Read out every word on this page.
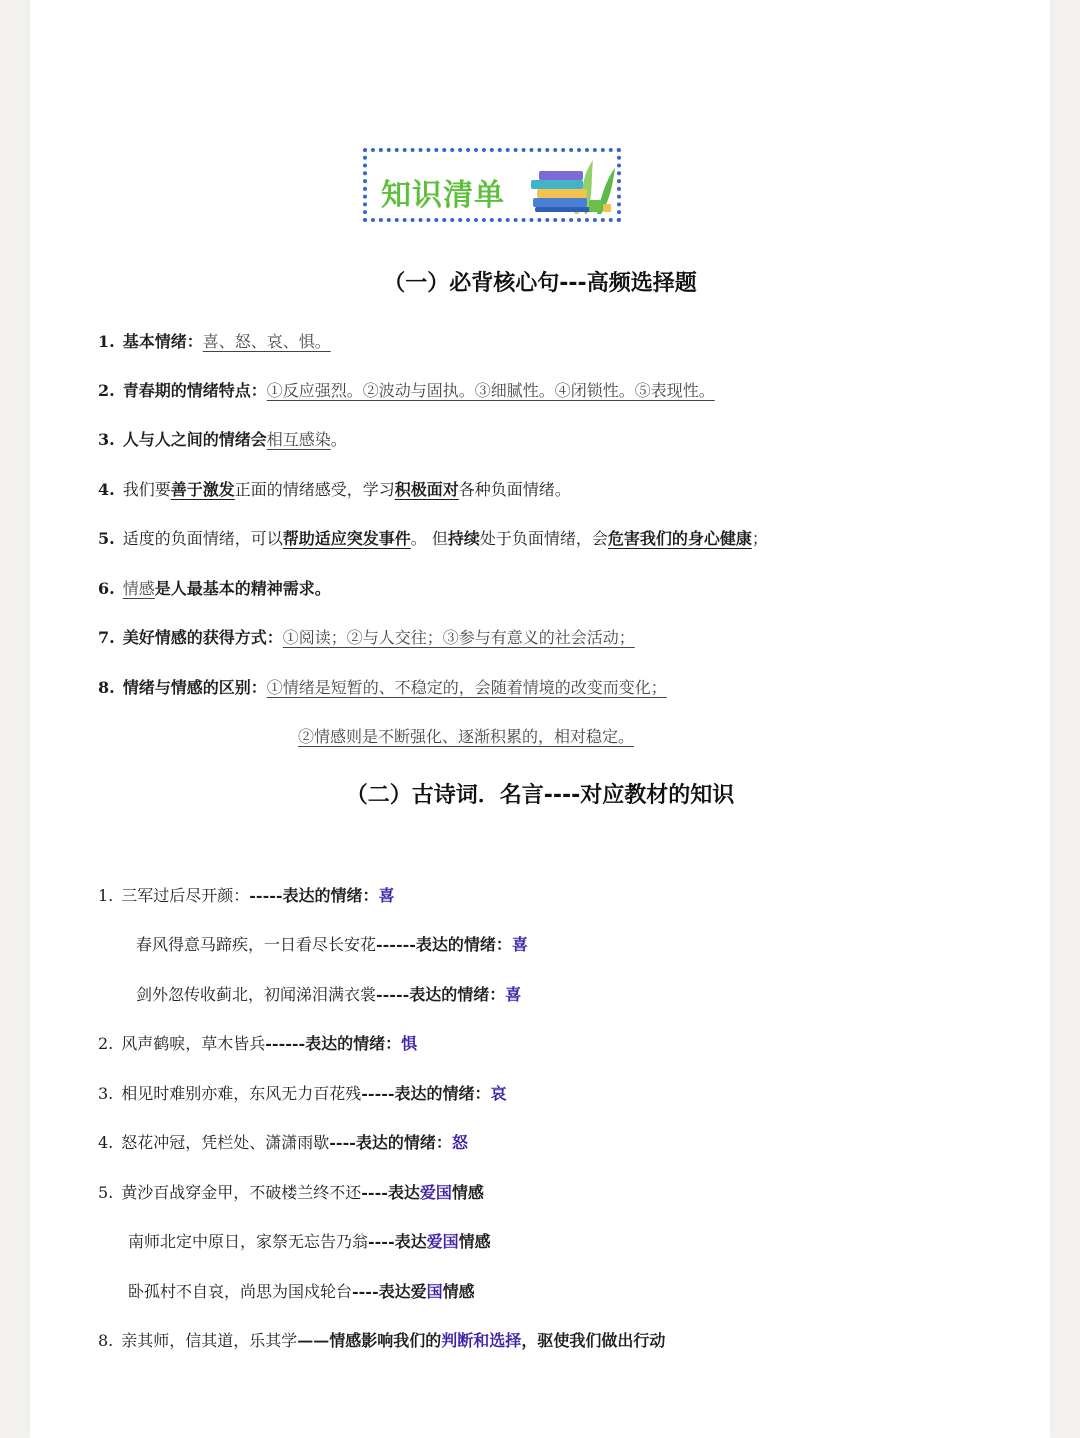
知识清单
（一）必背核心句---高频选择题
1. 基本情绪：喜、怒、哀、惧。
2. 青春期的情绪特点：①反应强烈。②波动与固执。③细腻性。④闭锁性。⑤表现性。
3. 人与人之间的情绪会相互感染。
4. 我们要善于激发正面的情绪感受，学习积极面对各种负面情绪。
5. 适度的负面情绪，可以帮助适应突发事件。 但持续处于负面情绪，会危害我们的身心健康；
6. 情感是人最基本的精神需求。
7. 美好情感的获得方式：①阅读；②与人交往；③参与有意义的社会活动；
8. 情绪与情感的区别：①情绪是短暂的、不稳定的，会随着情境的改变而变化；
②情感则是不断强化、逐渐积累的，相对稳定。
（二）古诗词．名言----对应教材的知识
1. 三军过后尽开颜：-----表达的情绪：喜
春风得意马蹄疾，一日看尽长安花------表达的情绪：喜
剑外忽传收蓟北，初闻涕泪满衣裳-----表达的情绪：喜
2. 风声鹤唳，草木皆兵------表达的情绪：惧
3. 相见时难别亦难，东风无力百花残-----表达的情绪：哀
4. 怒花冲冠，凭栏处、潇潇雨歇----表达的情绪：怒
5. 黄沙百战穿金甲，不破楼兰终不还----表达爱国情感
南师北定中原日，家祭无忘告乃翁----表达爱国情感
卧孤村不自哀，尚思为国戍轮台----表达爱国情感
8. 亲其师，信其道，乐其学——情感影响我们的判断和选择，驱使我们做出行动
